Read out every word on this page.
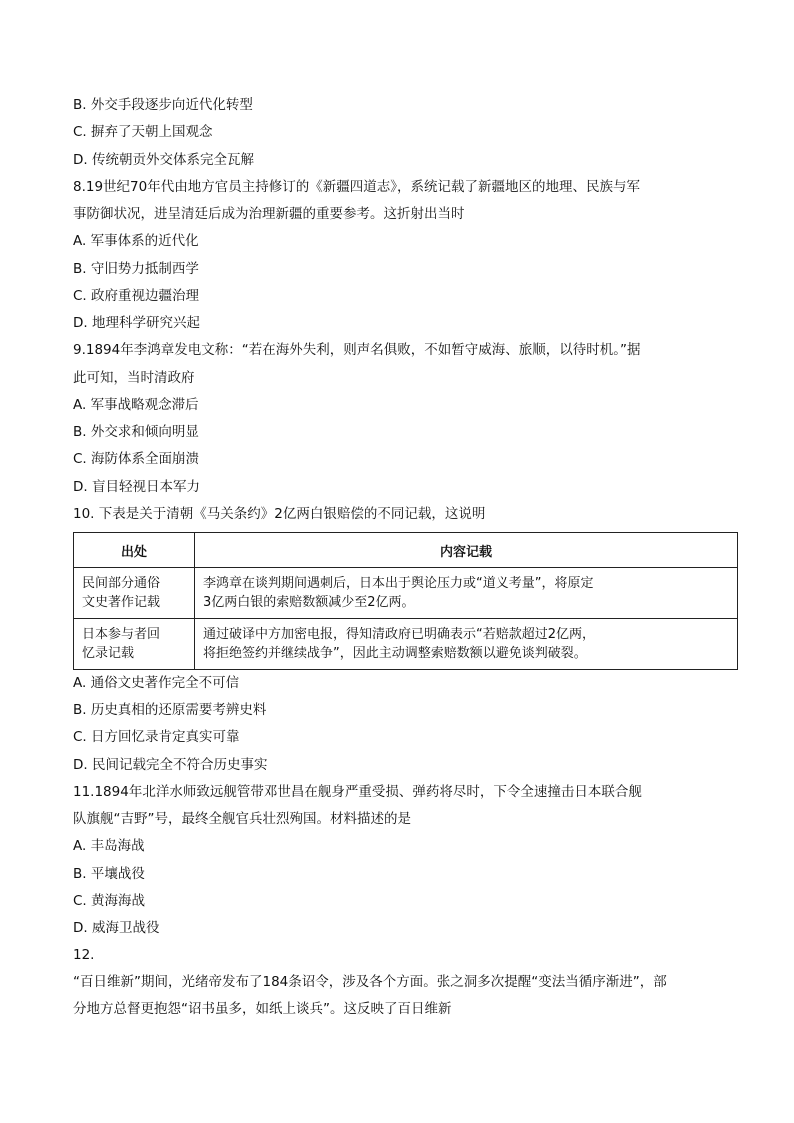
B. 外交手段逐步向近代化转型
C. 摒弃了天朝上国观念
D. 传统朝贡外交体系完全瓦解
8.19世纪70年代由地方官员主持修订的《新疆四道志》，系统记载了新疆地区的地理、民族与军
事防御状况，进呈清廷后成为治理新疆的重要参考。这折射出当时
A. 军事体系的近代化
B. 守旧势力抵制西学
C. 政府重视边疆治理
D. 地理科学研究兴起
9.1894年李鸿章发电文称：“若在海外失利，则声名俱败，不如暂守威海、旅顺，以待时机。”据
此可知，当时清政府
A. 军事战略观念滞后
B. 外交求和倾向明显
C. 海防体系全面崩溃
D. 盲目轻视日本军力
10. 下表是关于清朝《马关条约》2亿两白银赔偿的不同记载，这说明
出处	内容记载

民间部分通俗
文史著作记载	李鸿章在谈判期间遇刺后，日本出于舆论压力或“道义考量”，将原定
3亿两白银的索赔数额减少至2亿两。

日本参与者回
忆录记载	通过破译中方加密电报，得知清政府已明确表示“若赔款超过2亿两，
将拒绝签约并继续战争”，因此主动调整索赔数额以避免谈判破裂。
A. 通俗文史著作完全不可信
B. 历史真相的还原需要考辨史料
C. 日方回忆录肯定真实可靠
D. 民间记载完全不符合历史事实
11.1894年北洋水师致远舰管带邓世昌在舰身严重受损、弹药将尽时，下令全速撞击日本联合舰
队旗舰“吉野”号，最终全舰官兵壮烈殉国。材料描述的是
A. 丰岛海战
B. 平壤战役
C. 黄海海战
D. 威海卫战役
12.
“百日维新”期间，光绪帝发布了184条诏令，涉及各个方面。张之洞多次提醒“变法当循序渐进”，部
分地方总督更抱怨“诏书虽多，如纸上谈兵”。这反映了百日维新
